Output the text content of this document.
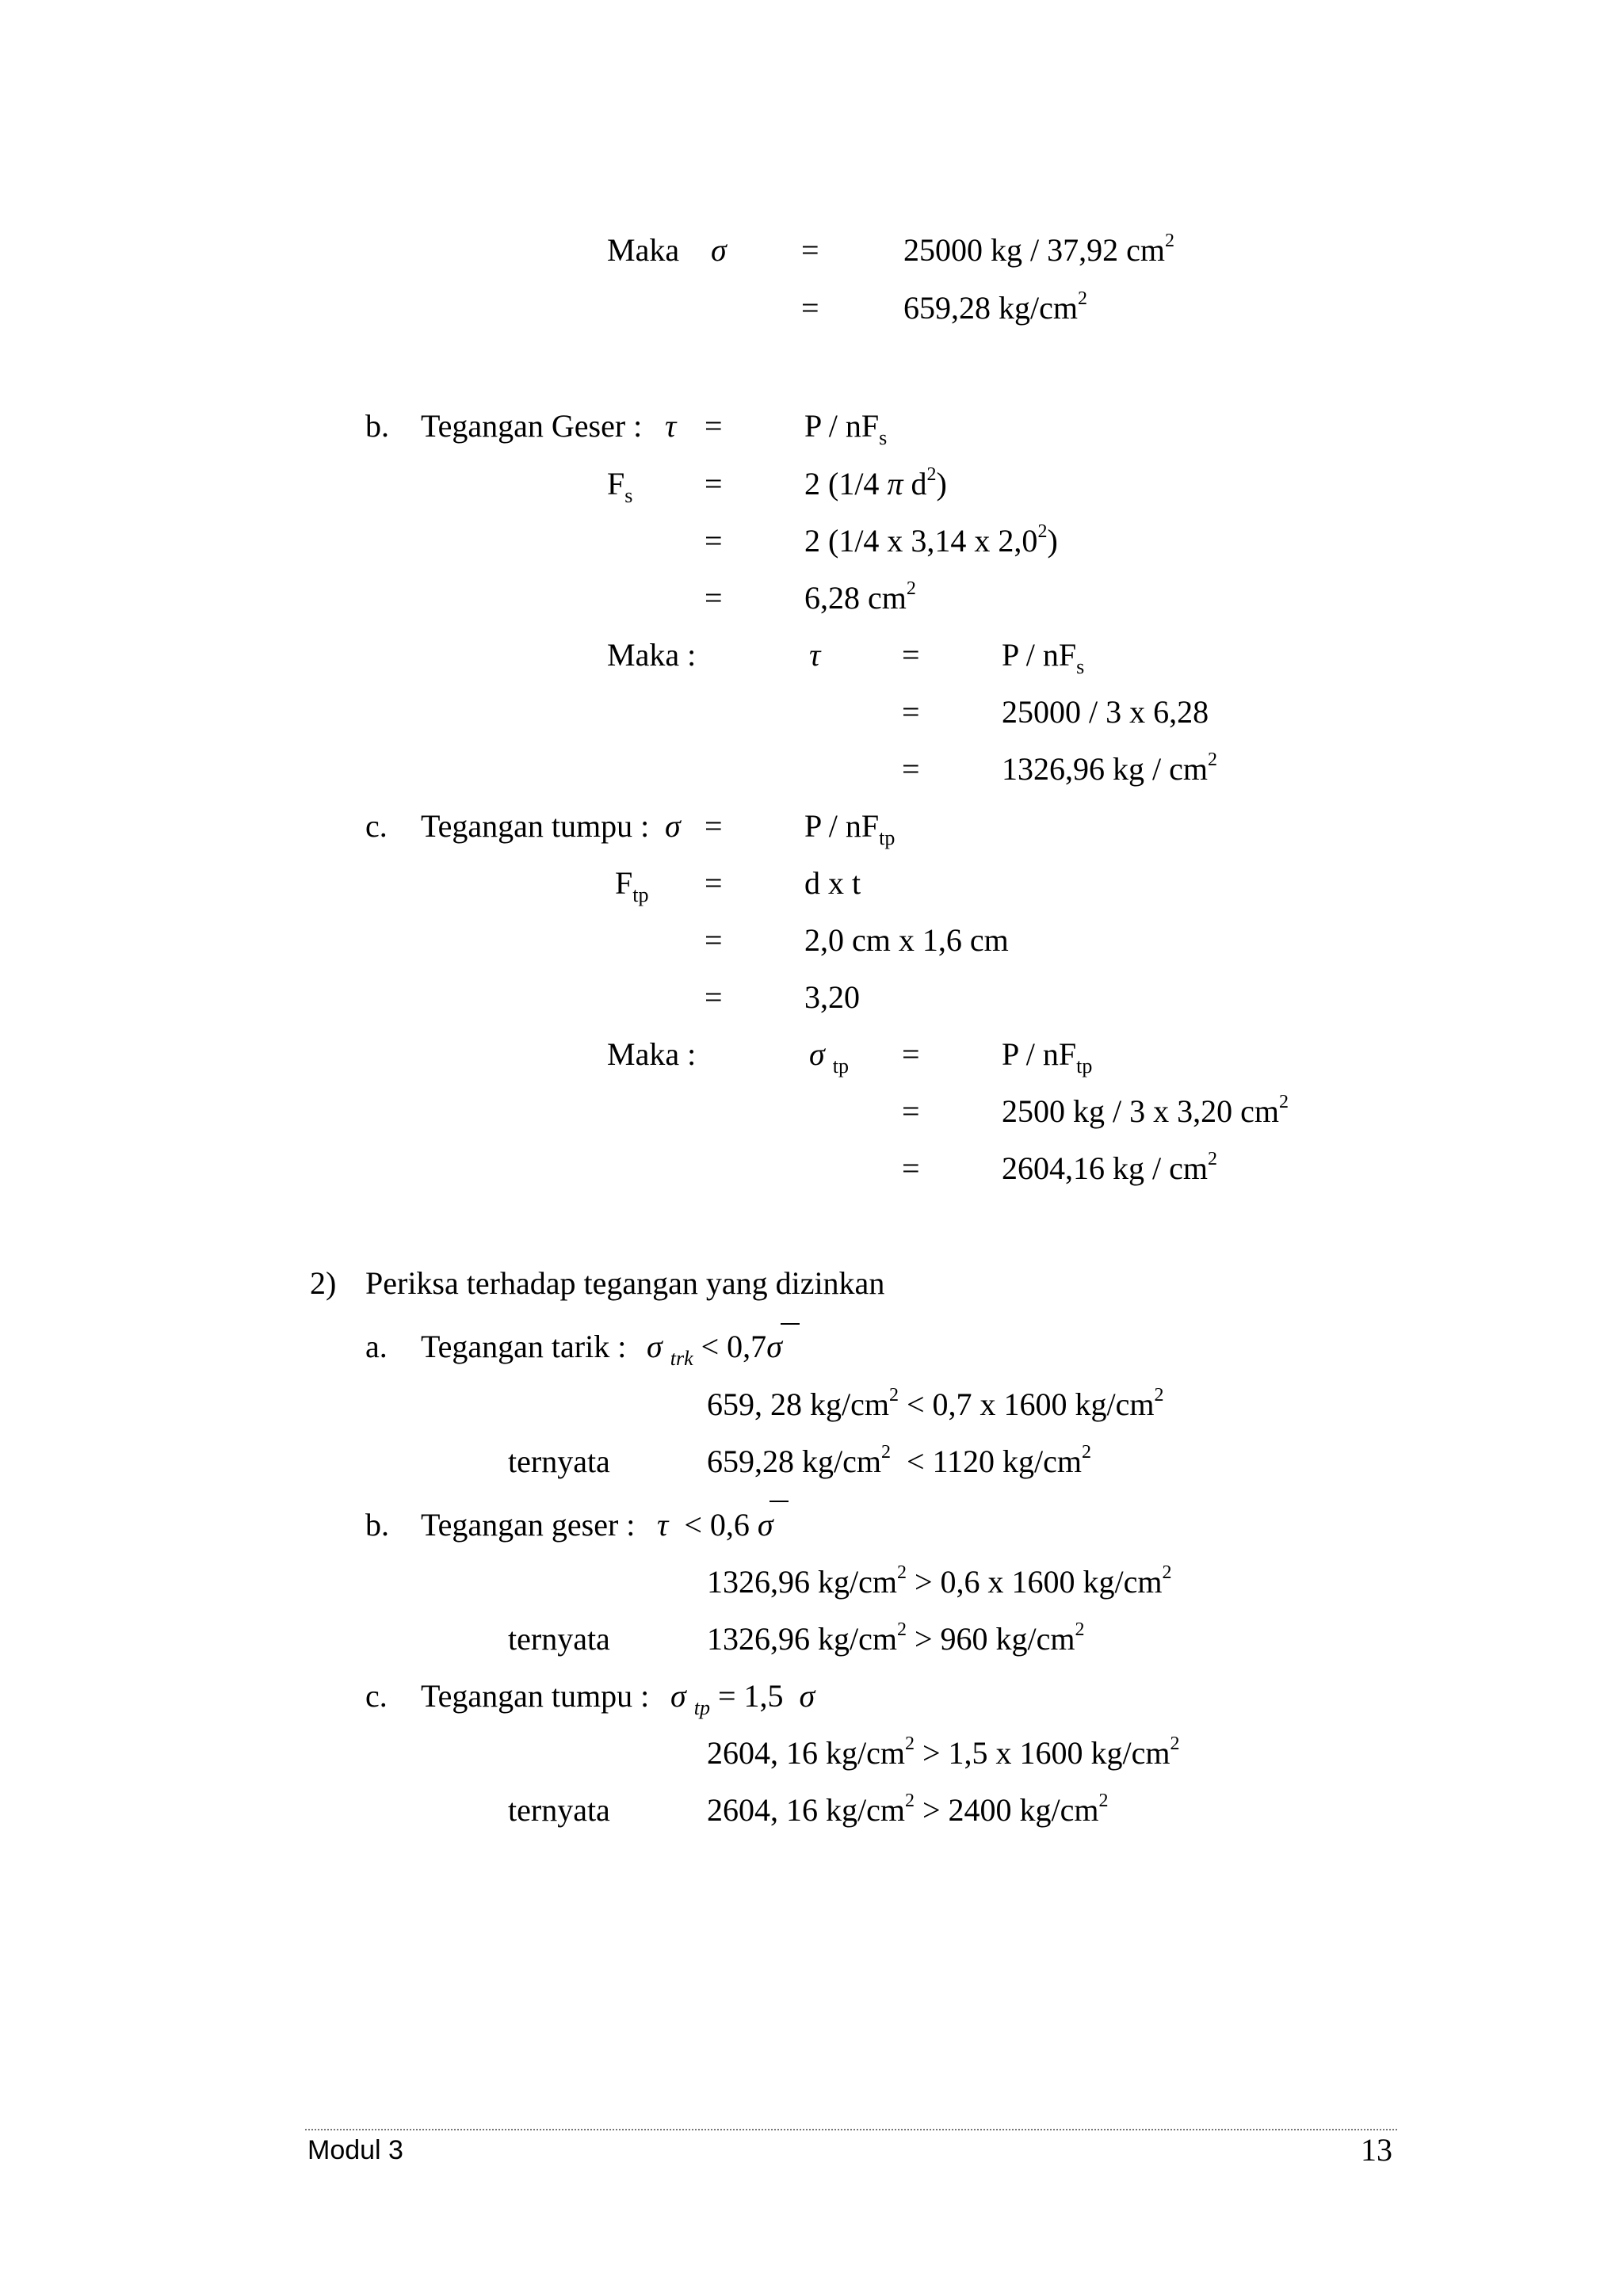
Maka σ =	25000 kg / 37,92 $cm^2$
=	659,28 $kg/cm^2$
b. Tegangan Geser : τ =	P / $nF_s$
$F_s$ =	2 (1/4 π $d^2$)
=	2 (1/4 x 3,14 x $2,0^2$)
=	6,28 $cm^2$
Maka :	τ	=	P / $nF_s$
=	25000 / 3 x 6,28
=	1326,96 kg / $cm^2$
c. Tegangan tumpu : σ =	P / $nF_{tp}$
$F_{tp}$ =	d x t
=	2,0 cm x 1,6 cm
=	3,20
Maka :	σ $_{tp}$ =	P / $nF_{tp}$
=	2500 kg / 3 x 3,20 $cm^2$
=	2604,16 kg / $cm^2$
2) Periksa terhadap tegangan yang dizinkan
a. Tegangan tarik : σ $_{trk}$ < 0,7σ
659, 28 $kg/cm^2 < 0,7$ x 1600 $kg/cm^2$
ternyata	659,28 $kg/cm^2 < 1120$ $kg/cm^2$
b. Tegangan geser : τ < 0,6 σ
1326,96 $kg/cm^2 > 0,6$ x 1600 $kg/cm^2$
ternyata	1326,96 $kg/cm^2 > 960$ $kg/cm^2$
c. Tegangan tumpu : σ $_{tp}$ = 1,5 σ
2604, 16 $kg/cm^2 > 1,5$ x 1600 $kg/cm^2$
ternyata	2604, 16 $kg/cm^2 > 2400$ $kg/cm^2$
Modul 3	13
